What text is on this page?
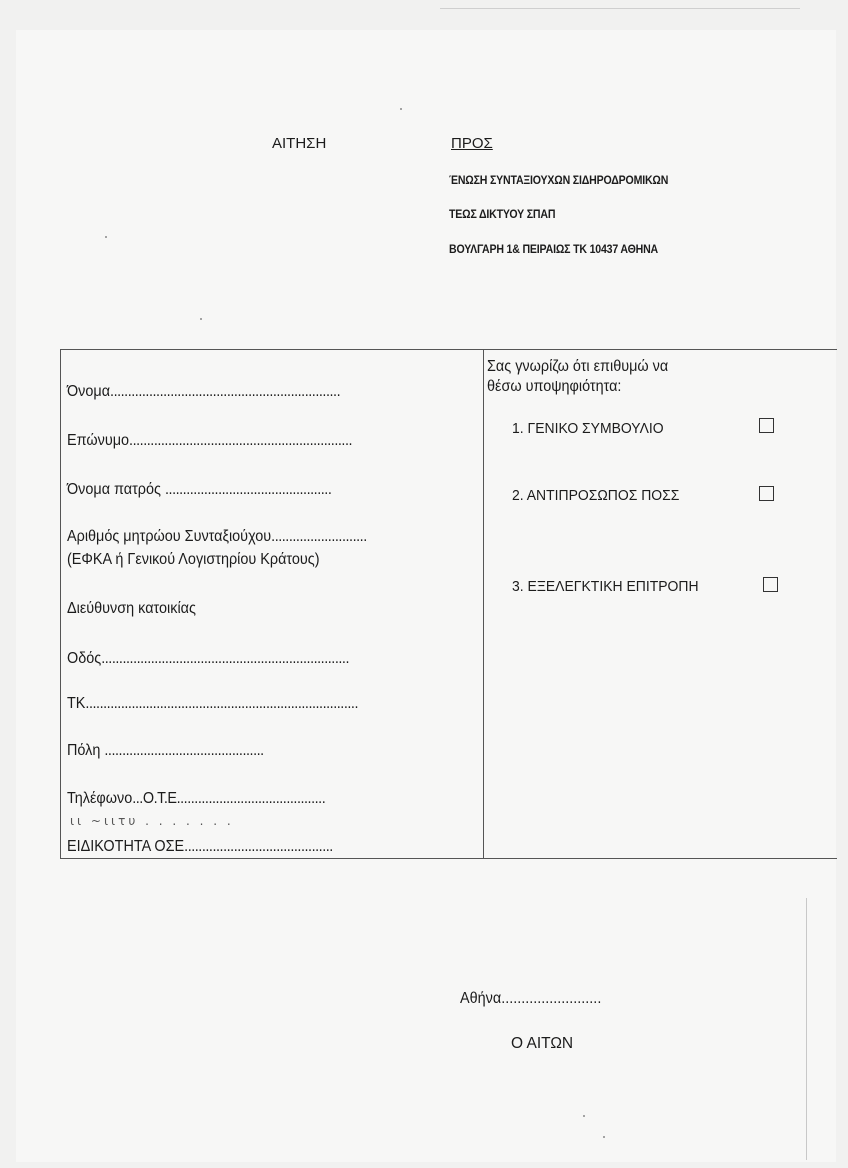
ΑΙΤΗΣΗ	ΠΡΟΣ
ΈΝΩΣΗ ΣΥΝΤΑΞΙΟΥΧΩΝ ΣΙΔΗΡΟΔΡΟΜΙΚΩΝ
ΤΕΩΣ ΔΙΚΤΥΟΥ ΣΠΑΠ
ΒΟΥΛΓΑΡΗ 1& ΠΕΙΡΑΙΩΣ ΤΚ 10437 ΑΘΗΝΑ
Όνομα.................................................................
Επώνυμο...............................................................
Όνομα πατρός ...............................................
Αριθμός μητρώου Συνταξιούχου...........................
(ΕΦΚΑ ή Γενικού Λογιστηρίου Κράτους)
Διεύθυνση κατοικίας
Οδός......................................................................
ΤΚ.............................................................................
Πόλη .............................................
Τηλέφωνο...Ο.Τ.Ε..........................................
ιι ~ιιτυ . . . . . . .
ΕΙΔΙΚΟΤΗΤΑ ΟΣΕ..........................................
Σας γνωρίζω ότι επιθυμώ να
θέσω υποψηφιότητα:
1. ΓΕΝΙΚΟ ΣΥΜΒΟΥΛΙΟ
2. ΑΝΤΙΠΡΟΣΩΠΟΣ ΠΟΣΣ
3. ΕΞΕΛΕΓΚΤΙΚΗ ΕΠΙΤΡΟΠΗ
Αθήνα.........................
Ο ΑΙΤΩΝ
